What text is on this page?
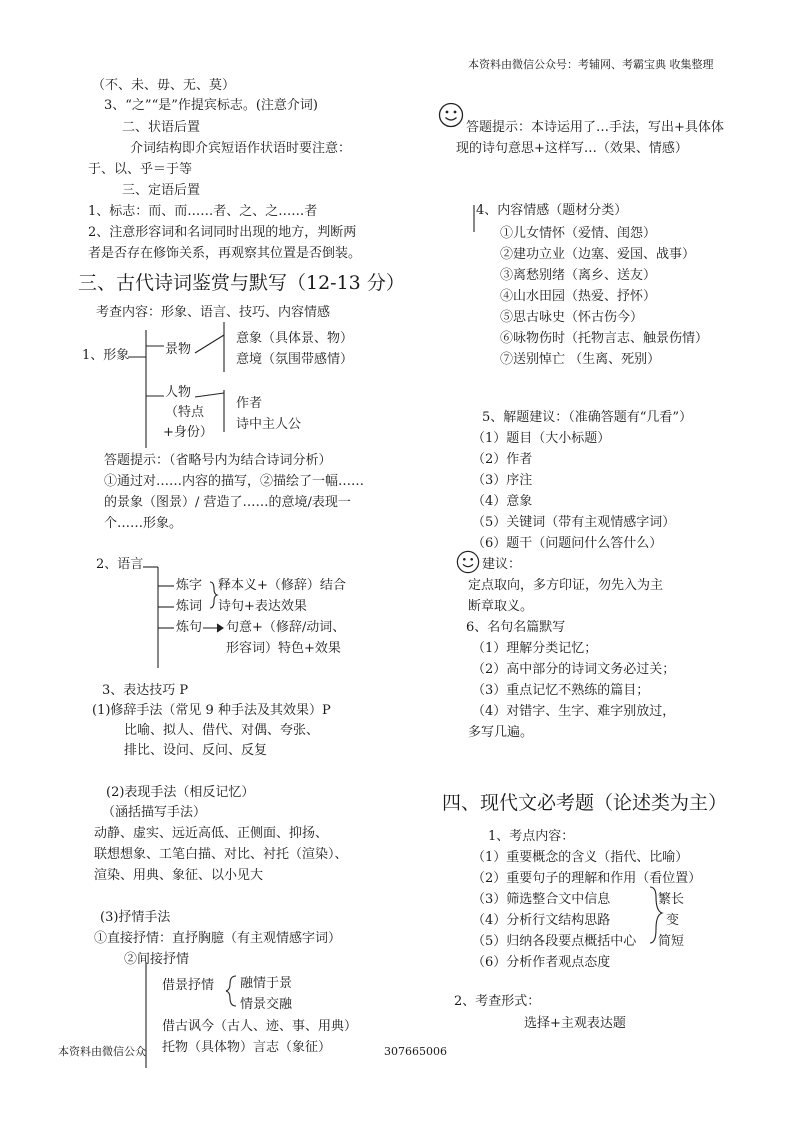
本资料由微信公众号：考辅网、考霸宝典 收集整理
（不、未、毋、无、莫）
3、“之”“是”作提宾标志。(注意介词)
二、状语后置
介词结构即介宾短语作状语时要注意：
于、以、乎＝于等
三、定语后置
1、标志：而、而……者、之、之……者
2、注意形容词和名词同时出现的地方，判断两
者是否存在修饰关系，再观察其位置是否倒装。
三、古代诗词鉴赏与默写（12-13 分）
考查内容：形象、语言、技巧、内容情感
1、形象	景物
意象（具体景、物）
意境（氛围带感情）
人物
（特点
+身份）
作者
诗中主人公
答题提示：（省略号内为结合诗词分析）
①通过对……内容的描写，②描绘了一幅……
的景象（图景）/ 营造了……的意境/表现一
个……形象。
2、语言
炼字 释本义+（修辞）结合
炼词 诗句+表达效果
炼句 句意+（修辞/动词、
形容词）特色+效果
3、表达技巧 P
(1)修辞手法（常见 9 种手法及其效果）P
比喻、拟人、借代、对偶、夸张、
排比、设问、反问、反复
(2)表现手法（相反记忆）
（涵括描写手法）
动静、虚实、远近高低、正侧面、抑扬、
联想想象、工笔白描、对比、衬托（渲染）、
渲染、用典、象征、以小见大
(3)抒情手法
①直接抒情：直抒胸臆（有主观情感字词）
②间接抒情
借景抒情 融情于景
情景交融
借古讽今（古人、迹、事、用典）
托物（具体物）言志（象征）
本资料由微信公众	307665006
答题提示：本诗运用了…手法，写出+具体体
现的诗句意思+这样写…（效果、情感）
4、内容情感（题材分类）
①儿女情怀（爱情、闺怨）
②建功立业（边塞、爱国、战事）
③离愁别绪（离乡、送友）
④山水田园（热爱、抒怀）
⑤思古咏史（怀古伤今）
⑥咏物伤时（托物言志、触景伤情）
⑦送别悼亡 （生离、死别）
5、解题建议：（准确答题有“几看”）
（1）题目（大小标题）
（2）作者
（3）序注
（4）意象
（5）关键词（带有主观情感字词）
（6）题干（问题问什么答什么）
建议：
定点取向，多方印证，勿先入为主
断章取义。
6、名句名篇默写
（1）理解分类记忆；
（2）高中部分的诗词文务必过关；
（3）重点记忆不熟练的篇目；
（4）对错字、生字、难字别放过，
多写几遍。
四、现代文必考题（论述类为主）
1、考点内容：
（1）重要概念的含义（指代、比喻）
（2）重要句子的理解和作用（看位置）
（3）筛选整合文中信息
（4）分析行文结构思路
（5）归纳各段要点概括中心
（6）分析作者观点态度
繁长
变
简短
2、考查形式：
选择+主观表达题
